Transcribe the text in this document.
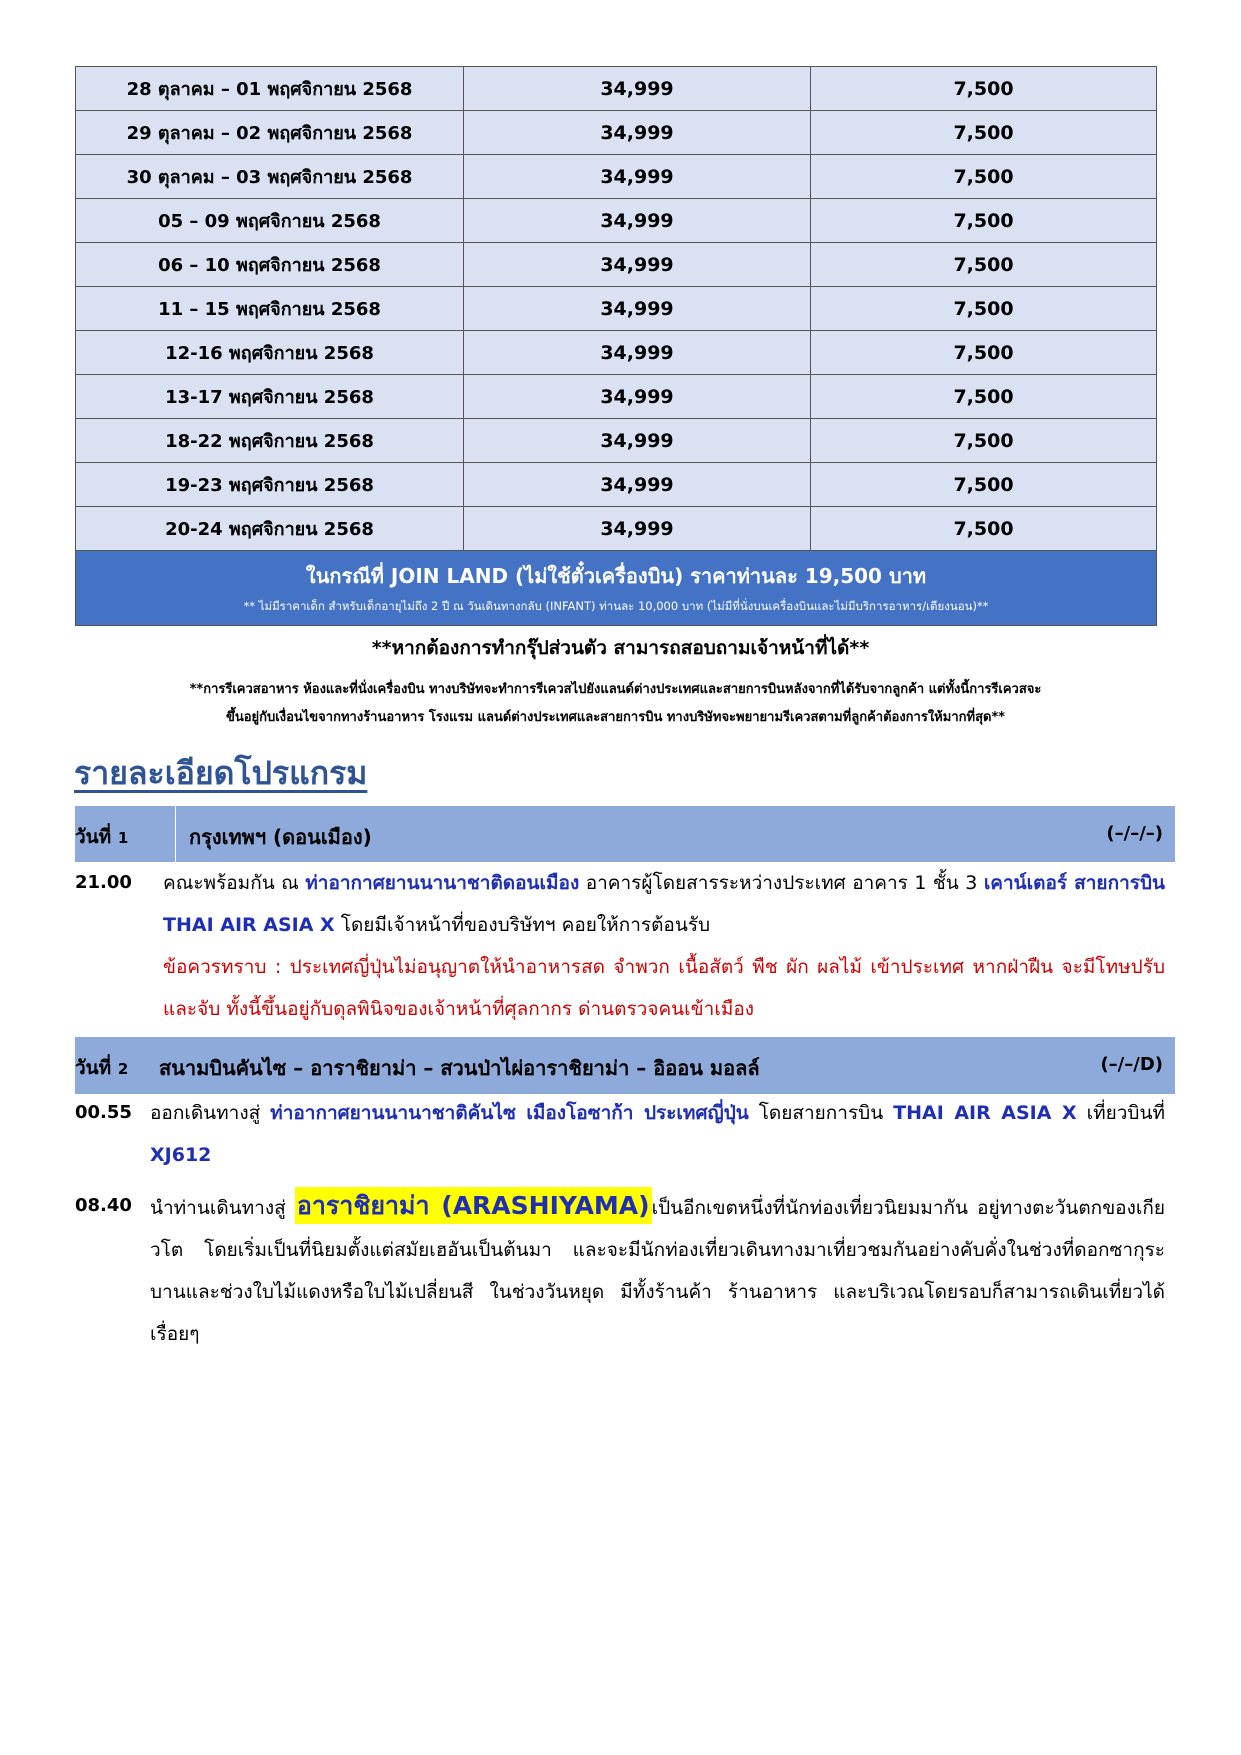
28 ตุลาคม – 01 พฤศจิกายน 2568	34,999	7,500
29 ตุลาคม – 02 พฤศจิกายน 2568	34,999	7,500
30 ตุลาคม – 03 พฤศจิกายน 2568	34,999	7,500
05 – 09 พฤศจิกายน 2568	34,999	7,500
06 – 10 พฤศจิกายน 2568	34,999	7,500
11 – 15 พฤศจิกายน 2568	34,999	7,500
12-16 พฤศจิกายน 2568	34,999	7,500
13-17 พฤศจิกายน 2568	34,999	7,500
18-22 พฤศจิกายน 2568	34,999	7,500
19-23 พฤศจิกายน 2568	34,999	7,500
20-24 พฤศจิกายน 2568	34,999	7,500

ในกรณีที่ JOIN LAND (ไม่ใช้ตั๋วเครื่องบิน) ราคาท่านละ 19,500 บาท
** ไม่มีราคาเด็ก สำหรับเด็กอายุไม่ถึง 2 ปี ณ วันเดินทางกลับ (INFANT) ท่านละ 10,000 บาท (ไม่มีที่นั่งบนเครื่องบินและไม่มีบริการอาหาร/เตียงนอน)**		
**หากต้องการทำกรุ๊ปส่วนตัว สามารถสอบถามเจ้าหน้าที่ได้**
**การรีเควสอาหาร ห้องและที่นั่งเครื่องบิน ทางบริษัทจะทำการรีเควสไปยังแลนด์ต่างประเทศและสายการบินหลังจากที่ได้รับจากลูกค้า แต่ทั้งนี้การรีเควสจะ
ขึ้นอยู่กับเงื่อนไขจากทางร้านอาหาร โรงแรม แลนด์ต่างประเทศและสายการบิน ทางบริษัทจะพยายามรีเควสตามที่ลูกค้าต้องการให้มากที่สุด**
รายละเอียดโปรแกรม
วันที่ 1	กรุงเทพฯ (ดอนเมือง)	(–/–/–)
21.00 คณะพร้อมกัน ณ ท่าอากาศยานนานาชาติดอนเมือง อาคารผู้โดยสารระหว่างประเทศ อาคาร 1 ชั้น 3 เคาน์เตอร์ สายการบิน THAI AIR ASIA X โดยมีเจ้าหน้าที่ของบริษัทฯ คอยให้การต้อนรับ
ข้อควรทราบ : ประเทศญี่ปุ่นไม่อนุญาตให้นำอาหารสด จำพวก เนื้อสัตว์ พืช ผัก ผลไม้ เข้าประเทศ หากฝ่าฝืน จะมีโทษปรับและจับ ทั้งนี้ขึ้นอยู่กับดุลพินิจของเจ้าหน้าที่ศุลกากร ด่านตรวจคนเข้าเมือง
วันที่ 2 สนามบินคันไซ – อาราชิยาม่า – สวนป่าไผ่อาราชิยาม่า – อิออน มอลล์	(–/–/D)
00.55 ออกเดินทางสู่ ท่าอากาศยานนานาชาติคันไซ เมืองโอซาก้า ประเทศญี่ปุ่น โดยสายการบิน THAI AIR ASIA X เที่ยวบินที่ XJ612
08.40 นำท่านเดินทางสู่ อาราชิยาม่า (ARASHIYAMA) เป็นอีกเขตหนึ่งที่นักท่องเที่ยวนิยมมากัน อยู่ทางตะวันตกของเกียวโต โดยเริ่มเป็นที่นิยมตั้งแต่สมัยเฮอันเป็นต้นมา และจะมีนักท่องเที่ยวเดินทางมาเที่ยวชมกันอย่างคับคั่งในช่วงที่ดอกซากุระบานและช่วงใบไม้แดงหรือใบไม้เปลี่ยนสี ในช่วงวันหยุด มีทั้งร้านค้า ร้านอาหาร และบริเวณโดยรอบก็สามารถเดินเที่ยวได้เรื่อยๆ
